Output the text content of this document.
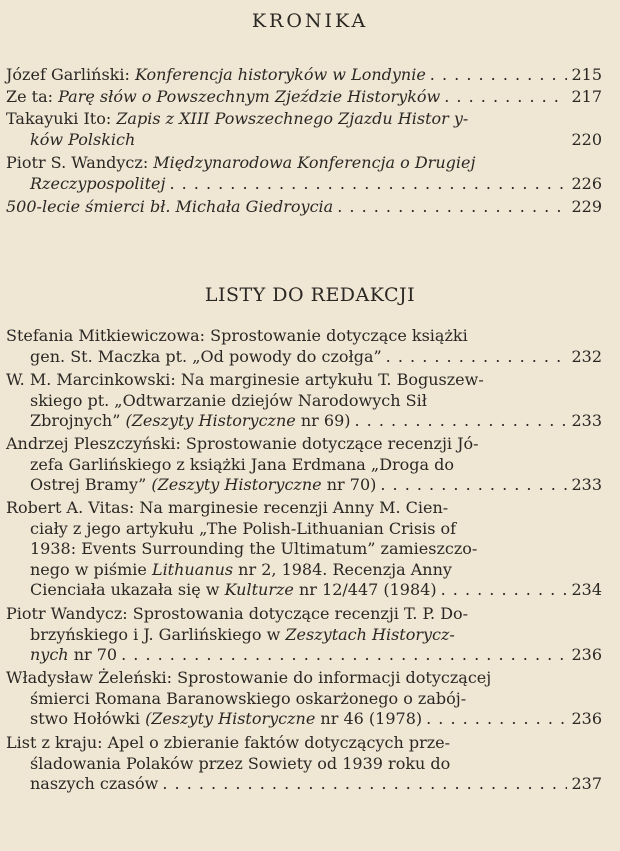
KRONIKA
Józef Garliński:
Konferencja historyków w Londynie . . .	215
Ze ta:
Parę słów o Powszechnym Zjeździe Historyków . . .	217
Takayuki Ito:
Zapis z XIII Powszechnego Zjazdu Histor y-
ków Polskich	220
Piotr S. Wandycz:
Międzynarodowa Konferencja o Drugiej
Rzeczypospolitej . . .	226
500-lecie śmierci bł. Michała Giedroycia . . .	229
LISTY DO REDAKCJI
Stefania Mitkiewiczowa: Sprostowanie dotyczące książki
gen. St. Maczka pt. „Od powody do czołga” . . .	232
W. M. Marcinkowski: Na marginesie artykułu T. Boguszew-
skiego pt. „Odtwarzanie dziejów Narodowych Sił
Zbrojnych”
(Zeszyty Historyczne
nr 69) . . .	233
Andrzej Pleszczyński: Sprostowanie dotyczące recenzji Jó-
zefa Garlińskiego z książki Jana Erdmana „Droga do
Ostrej Bramy”
(Zeszyty Historyczne
nr 70) . . .	233
Robert A. Vitas: Na marginesie recenzji Anny M. Cien-
ciały z jego artykułu „The Polish-Lithuanian Crisis of
1938: Events Surrounding the Ultimatum” zamieszczo-
nego w piśmie
Lithuanus
nr 2, 1984. Recenzja Anny
Cienciała ukazała się w
Kulturze
nr 12/447 (1984) . . .	234
Piotr Wandycz: Sprostowania dotyczące recenzji T. P. Do-
brzyńskiego i J. Garlińskiego w
Zeszytach Historycz-
nych
nr 70 . . .	236
Władysław Żeleński: Sprostowanie do informacji dotyczącej
śmierci Romana Baranowskiego oskarżonego o zabój-
stwo Hołówki
(Zeszyty Historyczne
nr 46 (1978) . . .	236
List z kraju: Apel o zbieranie faktów dotyczących prze-
śladowania Polaków przez Sowiety od 1939 roku do
naszych czasów . . .	237
